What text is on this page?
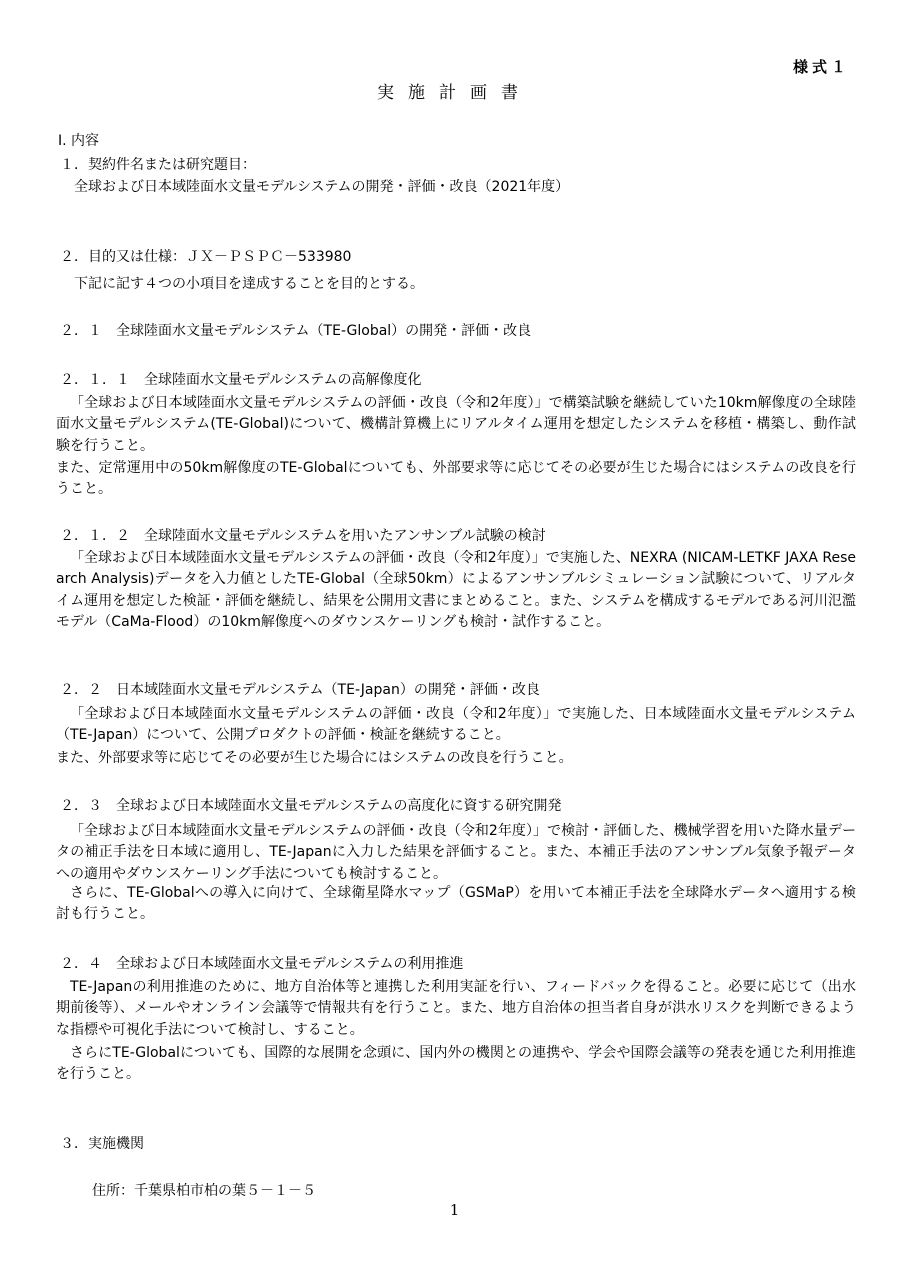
様式１
実施計画書
I. 内容
１．契約件名または研究題目：
全球および日本域陸面水文量モデルシステムの開発・評価・改良（2021年度）
２．目的又は仕様：ＪＸ－ＰＳＰＣ－533980
下記に記す４つの小項目を達成することを目的とする。
２．１　全球陸面水文量モデルシステム（TE-Global）の開発・評価・改良
２．１．１　全球陸面水文量モデルシステムの高解像度化

「全球および日本域陸面水文量モデルシステムの評価・改良（令和2年度）」で構築試験を継続していた10km解像度の全球陸面水文量モデルシステム(TE-Global)について、機構計算機上にリアルタイム運用を想定したシステムを移植・構築し、動作試験を行うこと。

また、定常運用中の50km解像度のTE-Globalについても、外部要求等に応じてその必要が生じた場合にはシステムの改良を行うこと。

２．１．２　全球陸面水文量モデルシステムを用いたアンサンブル試験の検討

「全球および日本域陸面水文量モデルシステムの評価・改良（令和2年度）」で実施した、NEXRA (NICAM-LETKF JAXA Research Analysis)データを入力値としたTE-Global（全球50km）によるアンサンブルシミュレーション試験について、リアルタイム運用を想定した検証・評価を継続し、結果を公開用文書にまとめること。また、システムを構成するモデルである河川氾濫モデル（CaMa-Flood）の10km解像度へのダウンスケーリングも検討・試作すること。

２．２　日本域陸面水文量モデルシステム（TE-Japan）の開発・評価・改良

「全球および日本域陸面水文量モデルシステムの評価・改良（令和2年度）」で実施した、日本域陸面水文量モデルシステム（TE-Japan）について、公開プロダクトの評価・検証を継続すること。

また、外部要求等に応じてその必要が生じた場合にはシステムの改良を行うこと。

２．３　全球および日本域陸面水文量モデルシステムの高度化に資する研究開発

「全球および日本域陸面水文量モデルシステムの評価・改良（令和2年度）」で検討・評価した、機械学習を用いた降水量データの補正手法を日本域に適用し、TE-Japanに入力した結果を評価すること。また、本補正手法のアンサンブル気象予報データへの適用やダウンスケーリング手法についても検討すること。

さらに、TE-Globalへの導入に向けて、全球衛星降水マップ（GSMaP）を用いて本補正手法を全球降水データへ適用する検討も行うこと。

２．４　全球および日本域陸面水文量モデルシステムの利用推進

TE-Japanの利用推進のために、地方自治体等と連携した利用実証を行い、フィードバックを得ること。必要に応じて（出水期前後等）、メールやオンライン会議等で情報共有を行うこと。また、地方自治体の担当者自身が洪水リスクを判断できるような指標や可視化手法について検討し、すること。

さらにTE-Globalについても、国際的な展開を念頭に、国内外の機関との連携や、学会や国際会議等の発表を通じた利用推進を行うこと。

３．実施機関
住所：千葉県柏市柏の葉５－１－５
1
